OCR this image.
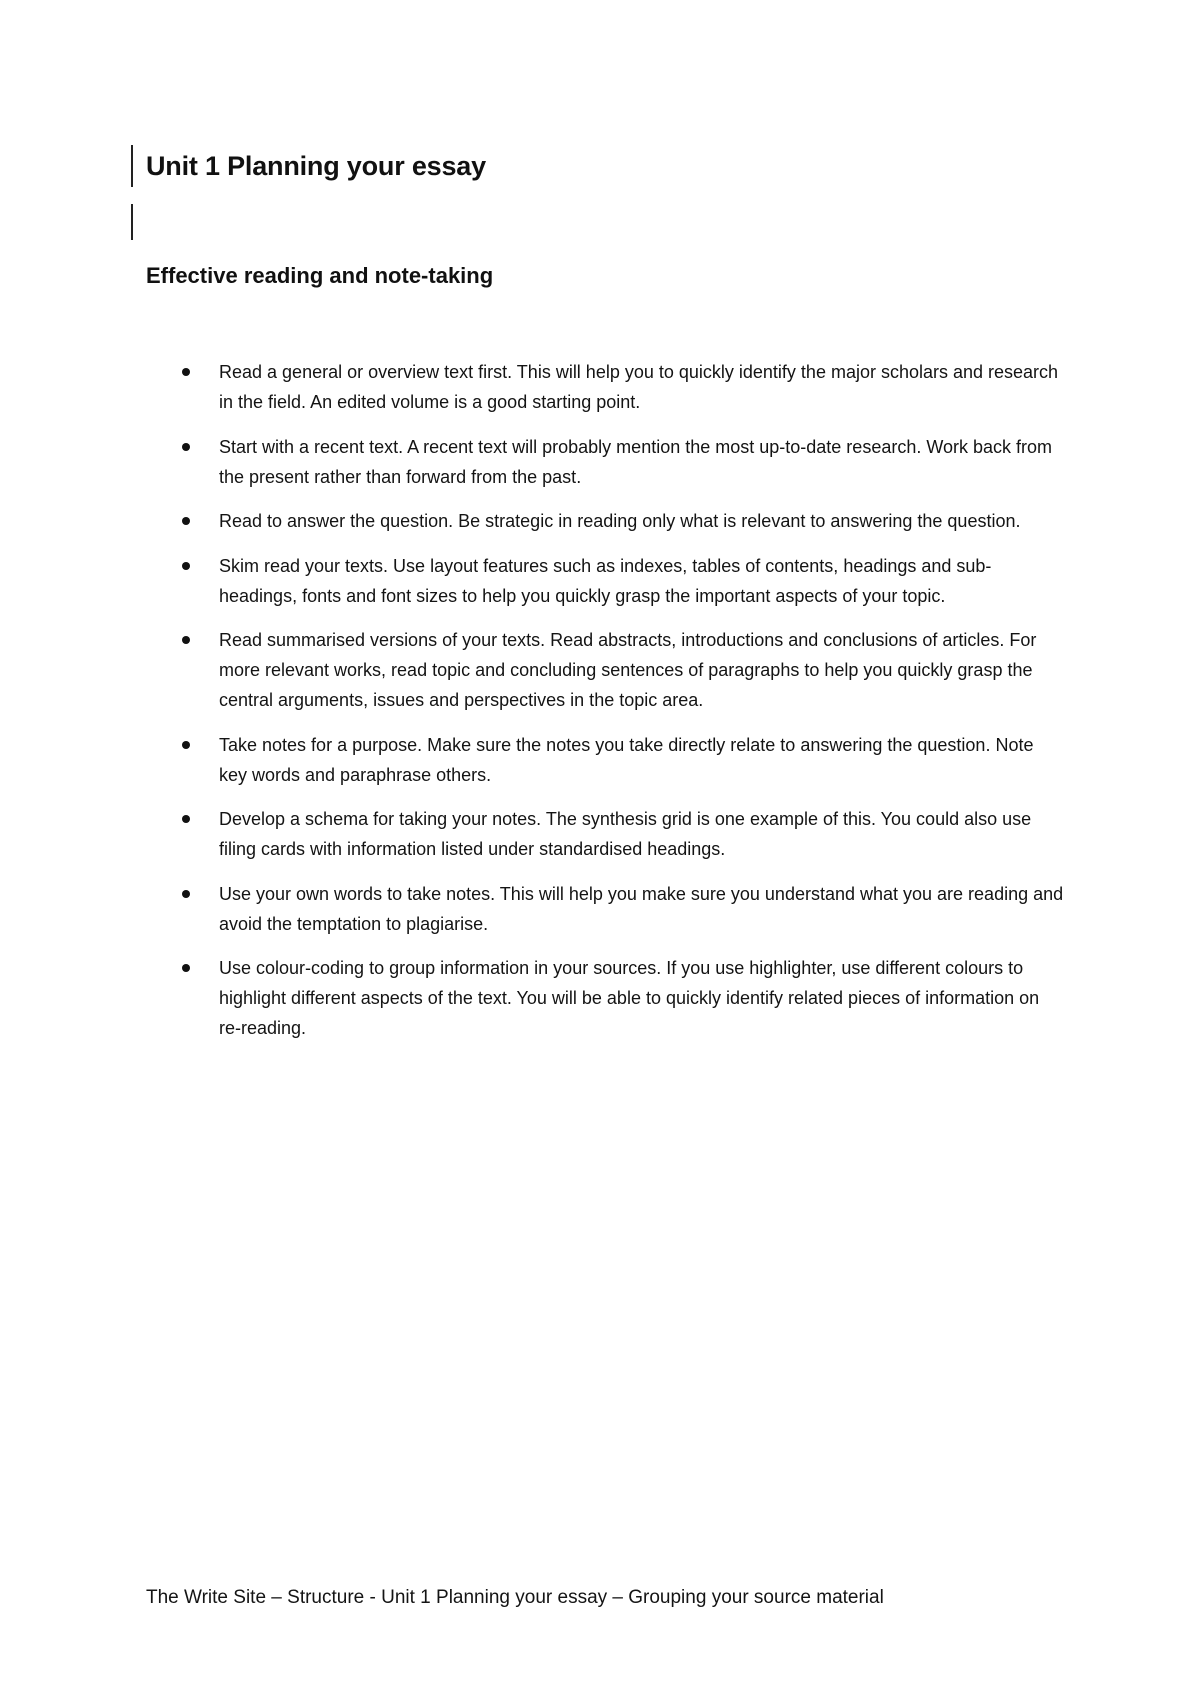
Unit 1 Planning your essay
Effective reading and note-taking
Read a general or overview text first. This will help you to quickly identify the major scholars and research in the field. An edited volume is a good starting point.
Start with a recent text. A recent text will probably mention the most up-to-date research. Work back from the present rather than forward from the past.
Read to answer the question. Be strategic in reading only what is relevant to answering the question.
Skim read your texts. Use layout features such as indexes, tables of contents, headings and sub-headings, fonts and font sizes to help you quickly grasp the important aspects of your topic.
Read summarised versions of your texts. Read abstracts, introductions and conclusions of articles. For more relevant works, read topic and concluding sentences of paragraphs to help you quickly grasp the central arguments, issues and perspectives in the topic area.
Take notes for a purpose. Make sure the notes you take directly relate to answering the question. Note key words and paraphrase others.
Develop a schema for taking your notes. The synthesis grid is one example of this. You could also use filing cards with information listed under standardised headings.
Use your own words to take notes. This will help you make sure you understand what you are reading and avoid the temptation to plagiarise.
Use colour-coding to group information in your sources. If you use highlighter, use different colours to highlight different aspects of the text. You will be able to quickly identify related pieces of information on re-reading.

The Write Site – Structure - Unit 1 Planning your essay – Grouping your source material
